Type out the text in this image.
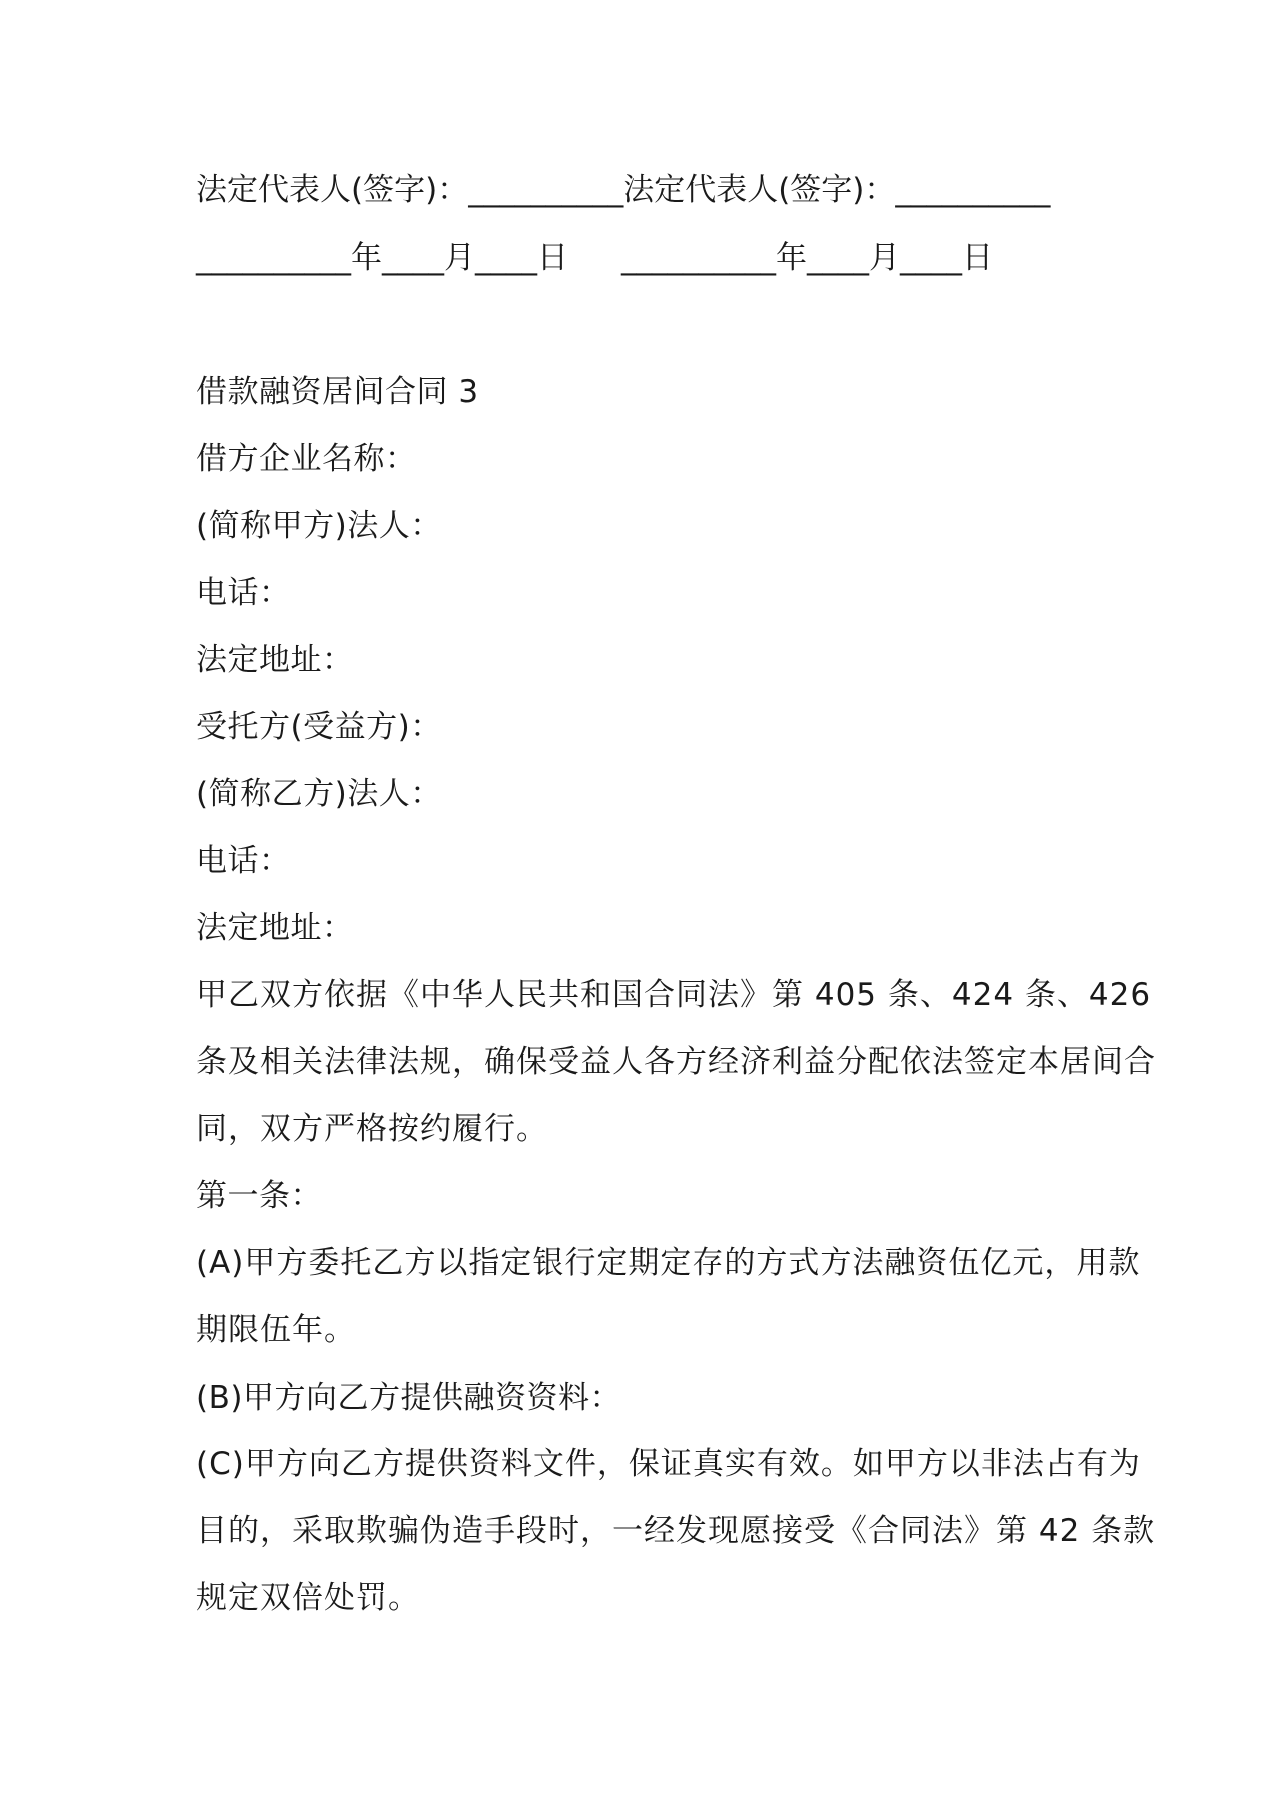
法定代表人(签字)：__________法定代表人(签字)：__________
__________年____月____日 __________年____月____日
借款融资居间合同 3
借方企业名称：
(简称甲方)法人：
电话：
法定地址：
受托方(受益方)：
(简称乙方)法人：
电话：
法定地址：
甲乙双方依据《中华人民共和国合同法》第 405 条、424 条、426
条及相关法律法规，确保受益人各方经济利益分配依法签定本居间合
同，双方严格按约履行。
第一条：
(A)甲方委托乙方以指定银行定期定存的方式方法融资伍亿元，用款
期限伍年。
(B)甲方向乙方提供融资资料：
(C)甲方向乙方提供资料文件，保证真实有效。如甲方以非法占有为
目的，采取欺骗伪造手段时，一经发现愿接受《合同法》第 42 条款
规定双倍处罚。
